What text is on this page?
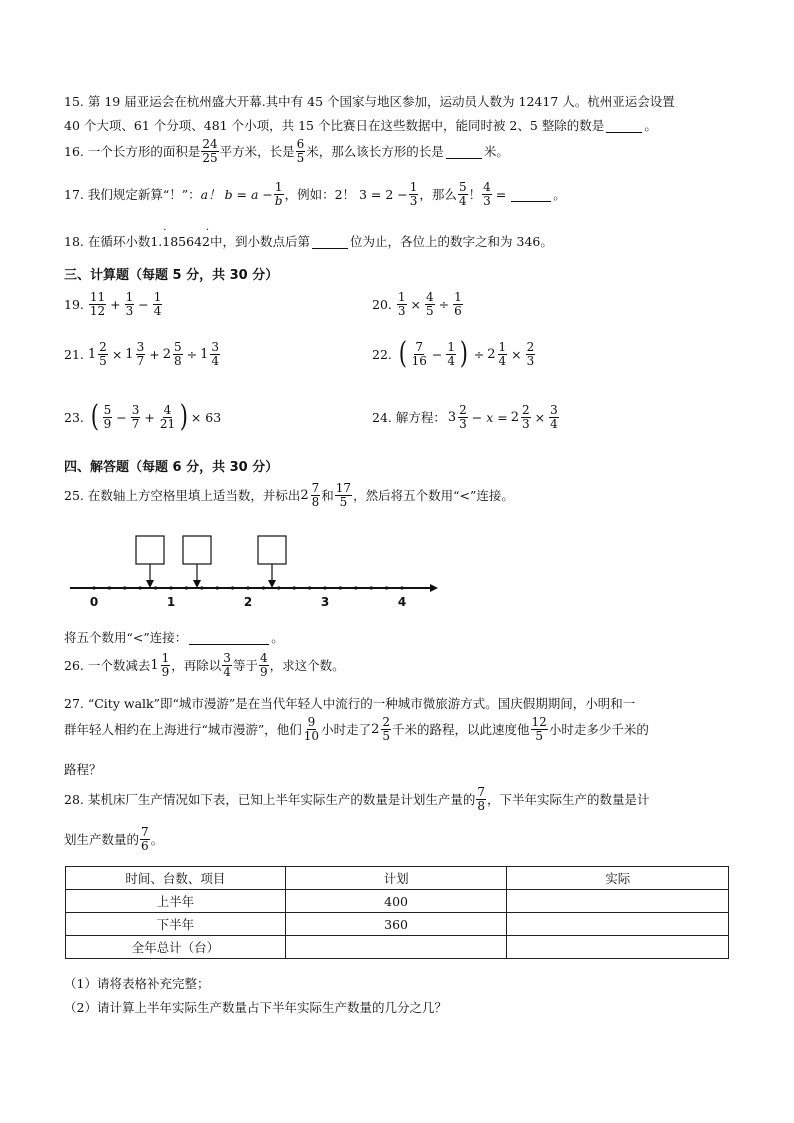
15. 第 19 届亚运会在杭州盛大开幕.其中有 45 个国家与地区参加，运动员人数为 12417 人。杭州亚运会设置
40 个大项、61 个分项、481 个小项，共 15 个比赛日在这些数据中，能同时被 2、5 整除的数是	。
16. 一个长方形的面积是 $\frac{24}{25}$ 平方米，长是 $\frac{6}{5}$ 米，那么该长方形的长是	米。
17. 我们规定新算“！”： a！ $b = a - \frac{1}{b}$ ，例如：2！ $3 = 2 - \frac{1}{3}$ ，那么 $\frac{5}{4}$ ！ $\frac{4}{3}$ =	。
18. 在循环小数1.
·
185642
·
中，到小数点后第	位为止，各位上的数字之和为 346。
三、计算题（每题 5 分，共 30 分）
19. $\frac{11}{12} + \frac{1}{3} - \frac{1}{4}$	20. $\frac{1}{3} \times \frac{4}{5} \div \frac{1}{6}$
21. $1 \frac{2}{5} \times 1 \frac{3}{7} + 2 \frac{5}{8} \div 1 \frac{3}{4}$	22. ( $\frac{7}{16} - \frac{1}{4}$ ) ÷ $2 \frac{1}{4} \times \frac{2}{3}$
23. ( $\frac{5}{9} - \frac{3}{7} + \frac{4}{21}$ ) × 63	24. 解方程： $3 \frac{2}{3} - x = 2 \frac{2}{3} \times \frac{3}{4}$
四、解答题（每题 6 分，共 30 分）
25. 在数轴上方空格里填上适当数，并标出 $2 \frac{7}{8}$ 和 $\frac{17}{5}$ ，然后将五个数用“<”连接。
0	1	2	3	4
将五个数用“<”连接：	。
26. 一个数减去 $1 \frac{1}{9}$ ，再除以 $\frac{3}{4}$ 等于 $\frac{4}{9}$ ，求这个数。
27. “City walk”即“城市漫游”是在当代年轻人中流行的一种城市微旅游方式。国庆假期期间，小明和一
群年轻人相约在上海进行“城市漫游”，他们 $\frac{9}{10}$ 小时走了 $2 \frac{2}{5}$ 千米的路程，以此速度他 $\frac{12}{5}$ 小时走多少千米的
路程？
28. 某机床厂生产情况如下表，已知上半年实际生产的数量是计划生产量的 $\frac{7}{8}$ ，下半年实际生产的数量是计
划生产数量的 $\frac{7}{6}$ 。
时间、台数、项目	计划	实际
上半年	400	
下半年	360	
全年总计（台）		
（1）请将表格补充完整；
（2）请计算上半年实际生产数量占下半年实际生产数量的几分之几？
